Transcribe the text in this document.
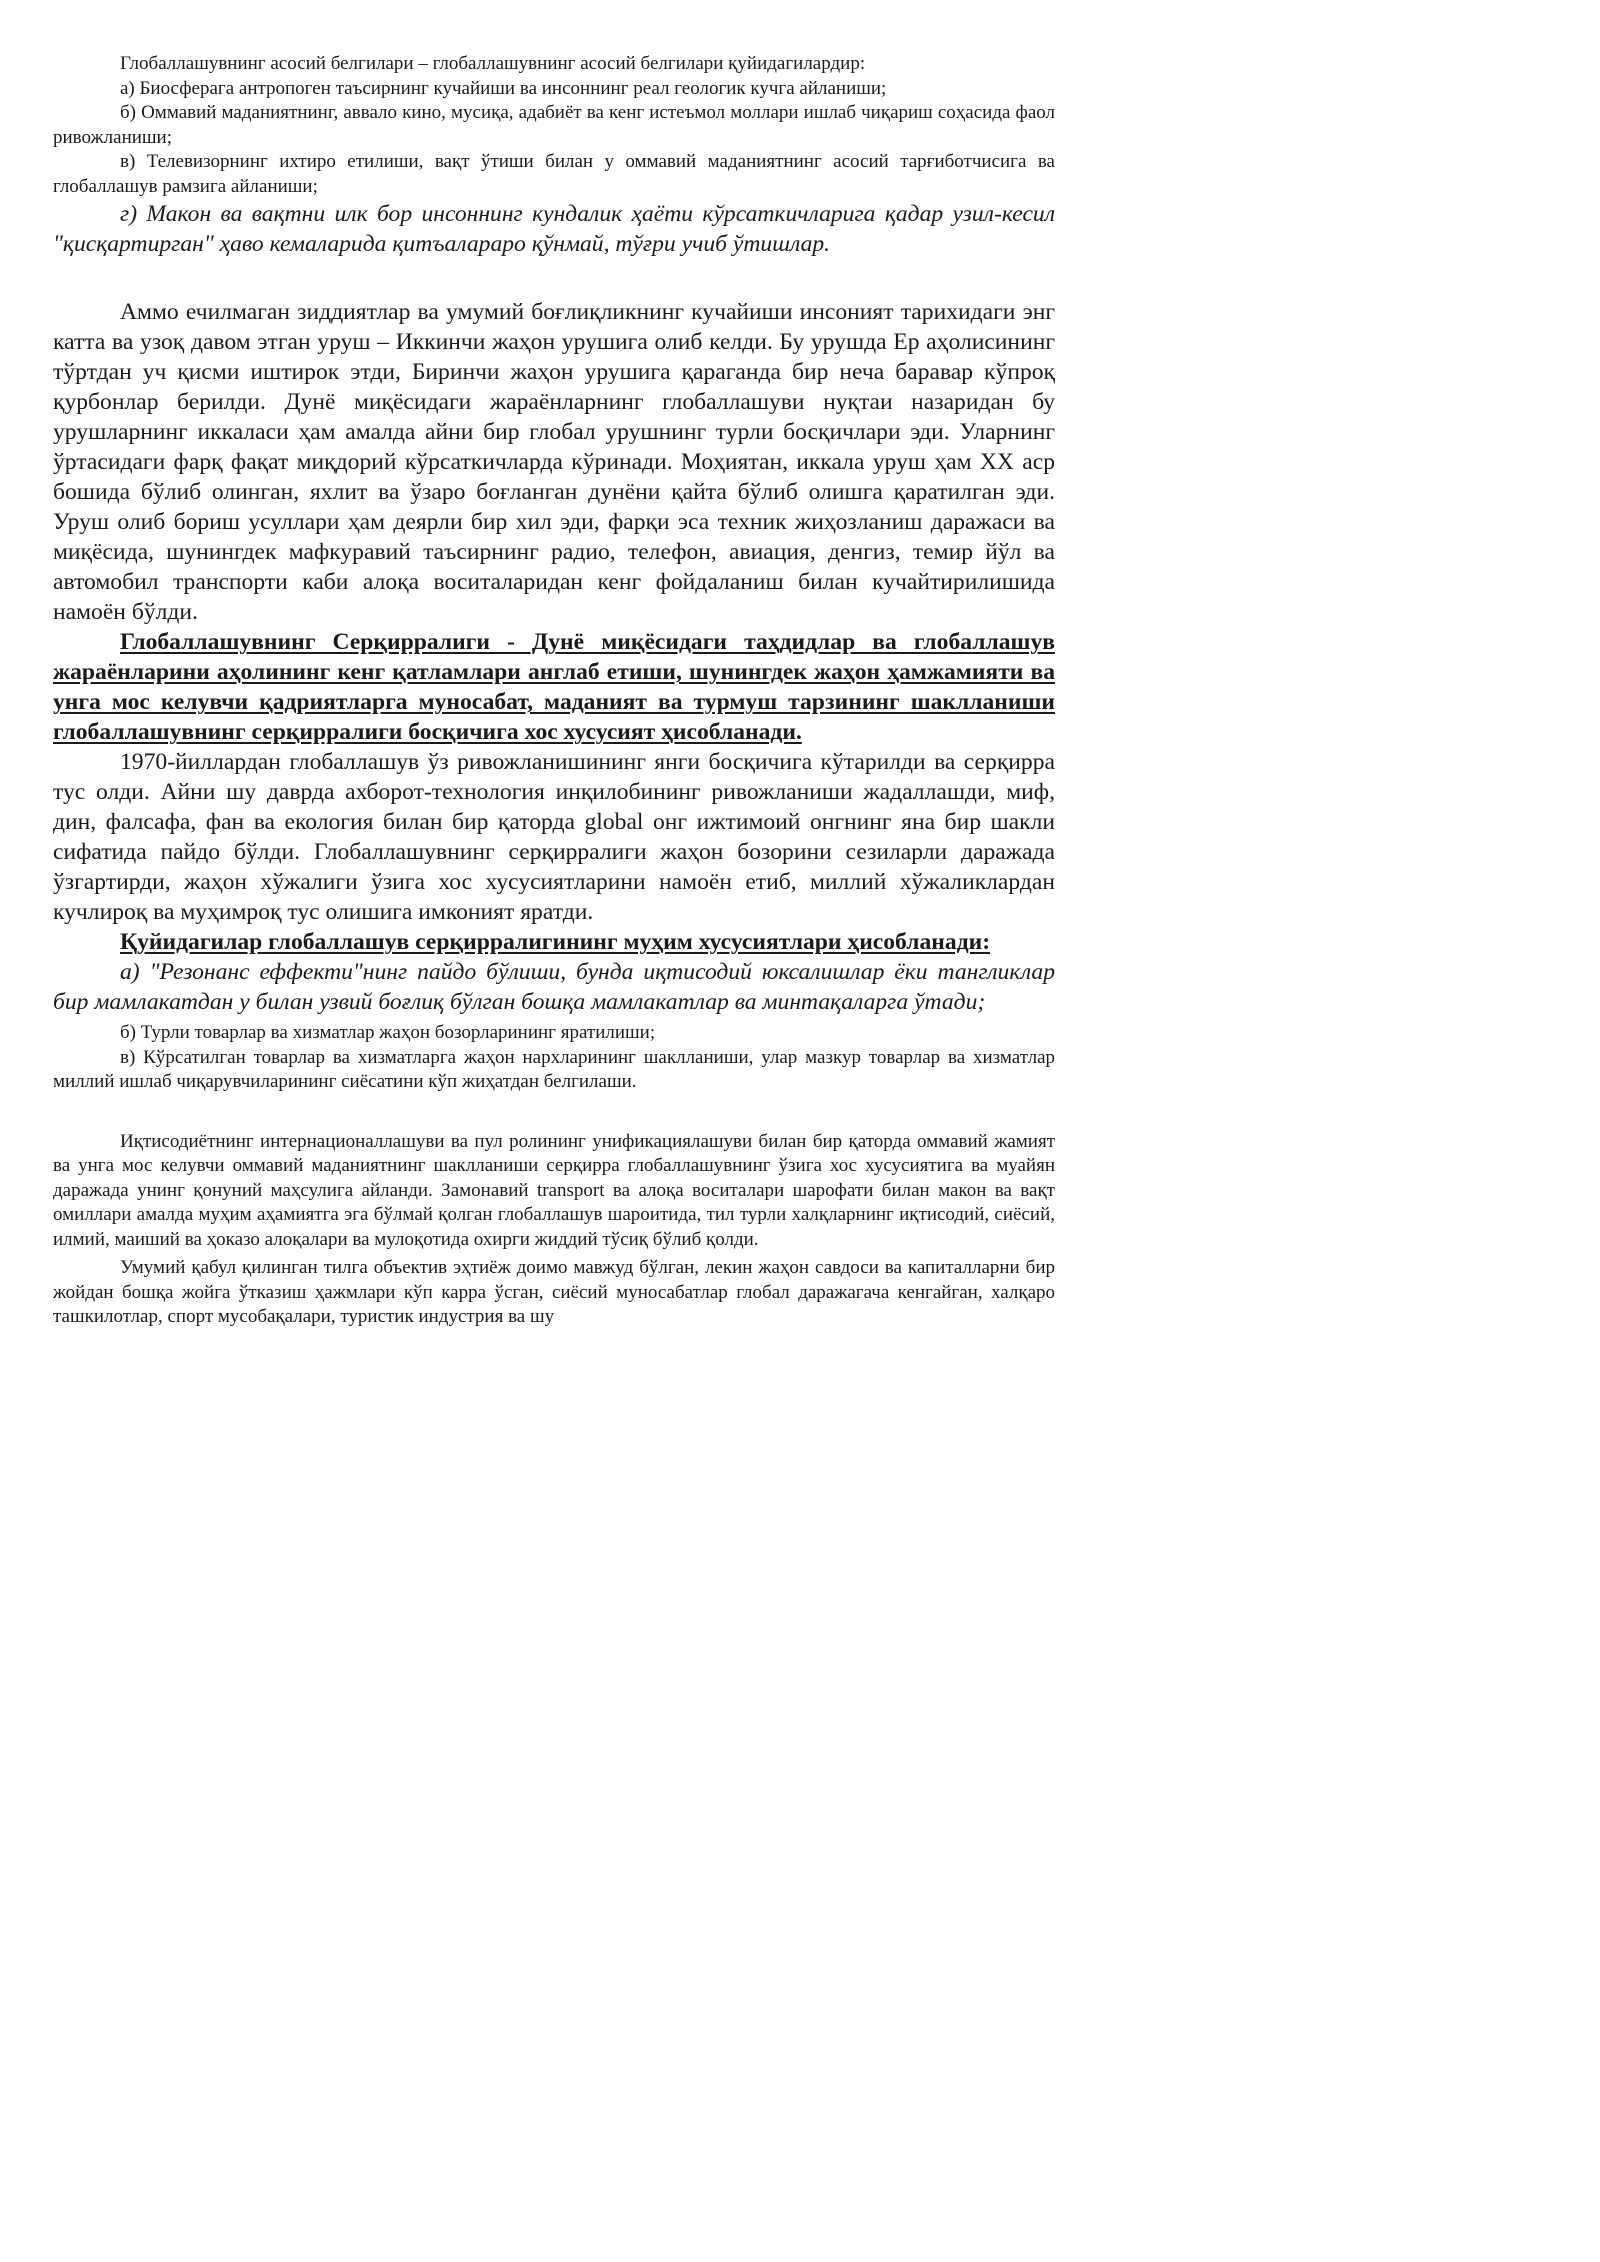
Глобаллашувнинг асосий белгилари – глобаллашувнинг асосий белгилари қуйидагилардир:

а) Биосферага антропоген таъсирнинг кучайиши ва инсоннинг реал геологик кучга айланиши;

б) Оммавий маданиятнинг, аввало кино, мусиқа, адабиёт ва кенг истеъмол моллари ишлаб чиқариш соҳасида фаол ривожланиши;

в) Телевизорнинг ихтиро етилиши, вақт ўтиши билан у оммавий маданиятнинг асосий тарғиботчисига ва глобаллашув рамзига айланиши;

г) Макон ва вақтни илк бор инсоннинг кундалик ҳаёти кўрсаткичларига қадар узил-кесил "қисқартирган" ҳаво кемаларида қитъалараро қўнмай, тўғри учиб ўтишлар.

Аммо ечилмаган зиддиятлар ва умумий боғлиқликнинг кучайиши инсоният тарихидаги энг катта ва узоқ давом этган уруш – Иккинчи жаҳон урушига олиб келди. Бу урушда Ер аҳолисининг тўртдан уч қисми иштирок этди, Биринчи жаҳон урушига қараганда бир неча баравар кўпроқ қурбонлар берилди. Дунё миқёсидаги жараёнларнинг глобаллашуви нуқтаи назаридан бу урушларнинг иккаласи ҳам амалда айни бир глобал урушнинг турли босқичлари эди. Уларнинг ўртасидаги фарқ фақат миқдорий кўрсаткичларда кўринади. Моҳиятан, иккала уруш ҳам XX аср бошида бўлиб олинган, яхлит ва ўзаро боғланган дунёни қайта бўлиб олишга қаратилган эди. Уруш олиб бориш усуллари ҳам деярли бир хил эди, фарқи эса техник жиҳозланиш даражаси ва миқёсида, шунингдек мафкуравий таъсирнинг радио, телефон, авиация, денгиз, темир йўл ва автомобил транспорти каби алоқа воситаларидан кенг фойдаланиш билан кучайтирилишида намоён бўлди.

Глобаллашувнинг Серқирралиги - Дунё миқёсидаги таҳдидлар ва глобаллашув жараёнларини аҳолининг кенг қатламлари англаб етиши, шунингдек жаҳон ҳамжамияти ва унга мос келувчи қадриятларга муносабат, маданият ва турмуш тарзининг шаклланиши глобаллашувнинг серқирралиги босқичига хос хусусият ҳисобланади.

1970-йиллардан глобаллашув ўз ривожланишининг янги босқичига кўтарилди ва серқирра тус олди. Айни шу даврда ахборот-технология инқилобининг ривожланиши жадаллашди, миф, дин, фалсафа, фан ва екология билан бир қаторда global онг ижтимоий онгнинг яна бир шакли сифатида пайдо бўлди. Глобаллашувнинг серқирралиги жаҳон бозорини сезиларли даражада ўзгартирди, жаҳон хўжалиги ўзига хос хусусиятларини намоён етиб, миллий хўжаликлардан кучлироқ ва муҳимроқ тус олишига имконият яратди.

Қуйидагилар глобаллашув серқирралигининг муҳим хусусиятлари ҳисобланади:

а) "Резонанс еффекти"нинг пайдо бўлиши, бунда иқтисодий юксалишлар ёки тангликлар бир мамлакатдан у билан узвий боғлиқ бўлган бошқа мамлакатлар ва минтақаларга ўтади;

б) Турли товарлар ва хизматлар жаҳон бозорларининг яратилиши;

в) Кўрсатилган товарлар ва хизматларга жаҳон нархларининг шаклланиши, улар мазкур товарлар ва хизматлар миллий ишлаб чиқарувчиларининг сиёсатини кўп жиҳатдан белгилаши.

Иқтисодиётнинг интернационаллашуви ва пул ролининг унификациялашуви билан бир қаторда оммавий жамият ва унга мос келувчи оммавий маданиятнинг шаклланиши серқирра глобаллашувнинг ўзига хос хусусиятига ва муайян даражада унинг қонуний маҳсулига айланди. Замонавий transport ва алоқа воситалари шарофати билан макон ва вақт омиллари амалда муҳим аҳамиятга эга бўлмай қолган глобаллашув шароитида, тил турли халқларнинг иқтисодий, сиёсий, илмий, маиший ва ҳоказо алоқалари ва мулоқотида охирги жиддий тўсиқ бўлиб қолди.

Умумий қабул қилинган тилга объектив эҳтиёж доимо мавжуд бўлган, лекин жаҳон савдоси ва капиталларни бир жойдан бошқа жойга ўтказиш ҳажмлари кўп карра ўсган, сиёсий муносабатлар глобал даражагача кенгайган, халқаро ташкилотлар, спорт мусобақалари, туристик индустрия ва шу
